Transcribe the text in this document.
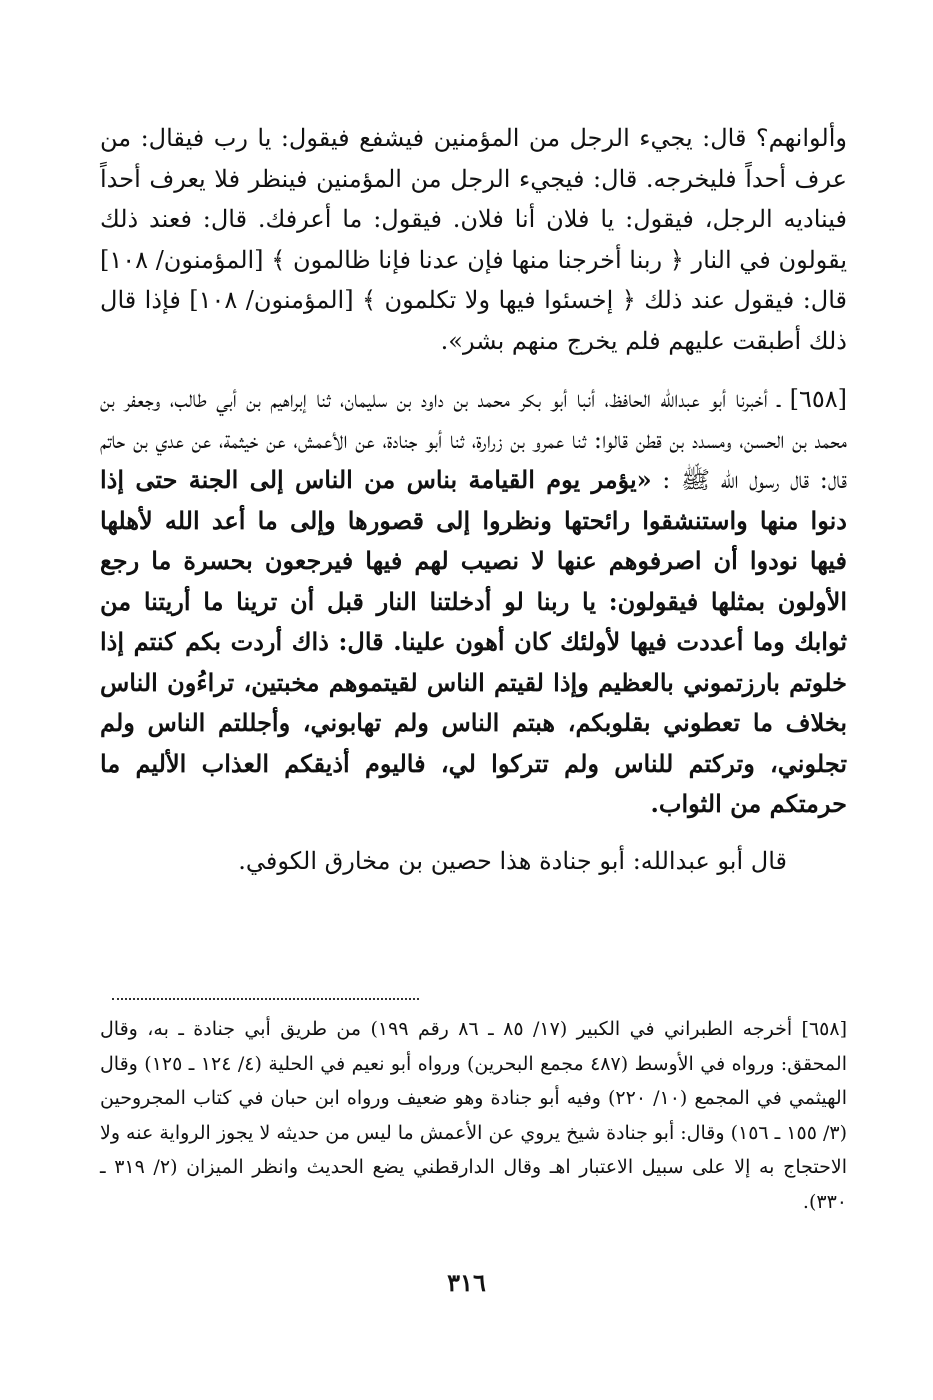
وألوانهم؟ قال: يجيء الرجل من المؤمنين فيشفع فيقول: يا رب فيقال: من عرف أحداً فليخرجه. قال: فيجيء الرجل من المؤمنين فينظر فلا يعرف أحداً فيناديه الرجل، فيقول: يا فلان أنا فلان. فيقول: ما أعرفك. قال: فعند ذلك يقولون في النار ﴿ ربنا أخرجنا منها فإن عدنا فإنا ظالمون ﴾ [المؤمنون/ ١٠٨] قال: فيقول عند ذلك ﴿ إخسئوا فيها ولا تكلمون ﴾ [المؤمنون/ ١٠٨] فإذا قال ذلك أطبقت عليهم فلم يخرج منهم بشر».

[٦٥٨] ـ أخبرنا أبو عبدالله الحافظ، أنبا أبو بكر محمد بن داود بن سليمان، ثنا إبراهيم بن أبي طالب، وجعفر بن محمد بن الحسن، ومسدد بن قطن قالوا: ثنا عمرو بن زرارة، ثنا أبو جنادة، عن الأعمش، عن خيثمة، عن عدي بن حاتم قال: قال رسول الله ﷺ : «يؤمر يوم القيامة بناس من الناس إلى الجنة حتى إذا دنوا منها واستنشقوا رائحتها ونظروا إلى قصورها وإلى ما أعد الله لأهلها فيها نودوا أن اصرفوهم عنها لا نصيب لهم فيها فيرجعون بحسرة ما رجع الأولون بمثلها فيقولون: يا ربنا لو أدخلتنا النار قبل أن ترينا ما أريتنا من ثوابك وما أعددت فيها لأولئك كان أهون علينا. قال: ذاك أردت بكم كنتم إذا خلوتم بارزتموني بالعظيم وإذا لقيتم الناس لقيتموهم مخبتين، تراءُون الناس بخلاف ما تعطوني بقلوبكم، هبتم الناس ولم تهابوني، وأجللتم الناس ولم تجلوني، وتركتم للناس ولم تتركوا لي، فاليوم أذيقكم العذاب الأليم ما حرمتكم من الثواب.

قال أبو عبدالله: أبو جنادة هذا حصين بن مخارق الكوفي.

[٦٥٨] أخرجه الطبراني في الكبير (١٧/ ٨٥ ـ ٨٦ رقم ١٩٩) من طريق أبي جنادة ـ به، وقال المحقق: ورواه في الأوسط (٤٨٧ مجمع البحرين) ورواه أبو نعيم في الحلية (٤/ ١٢٤ ـ ١٢٥) وقال الهيثمي في المجمع (١٠/ ٢٢٠) وفيه أبو جنادة وهو ضعيف ورواه ابن حبان في كتاب المجروحين (٣/ ١٥٥ ـ ١٥٦) وقال: أبو جنادة شيخ يروي عن الأعمش ما ليس من حديثه لا يجوز الرواية عنه ولا الاحتجاج به إلا على سبيل الاعتبار اهـ وقال الدارقطني يضع الحديث وانظر الميزان (٢/ ٣١٩ ـ ٣٣٠).
٣١٦
